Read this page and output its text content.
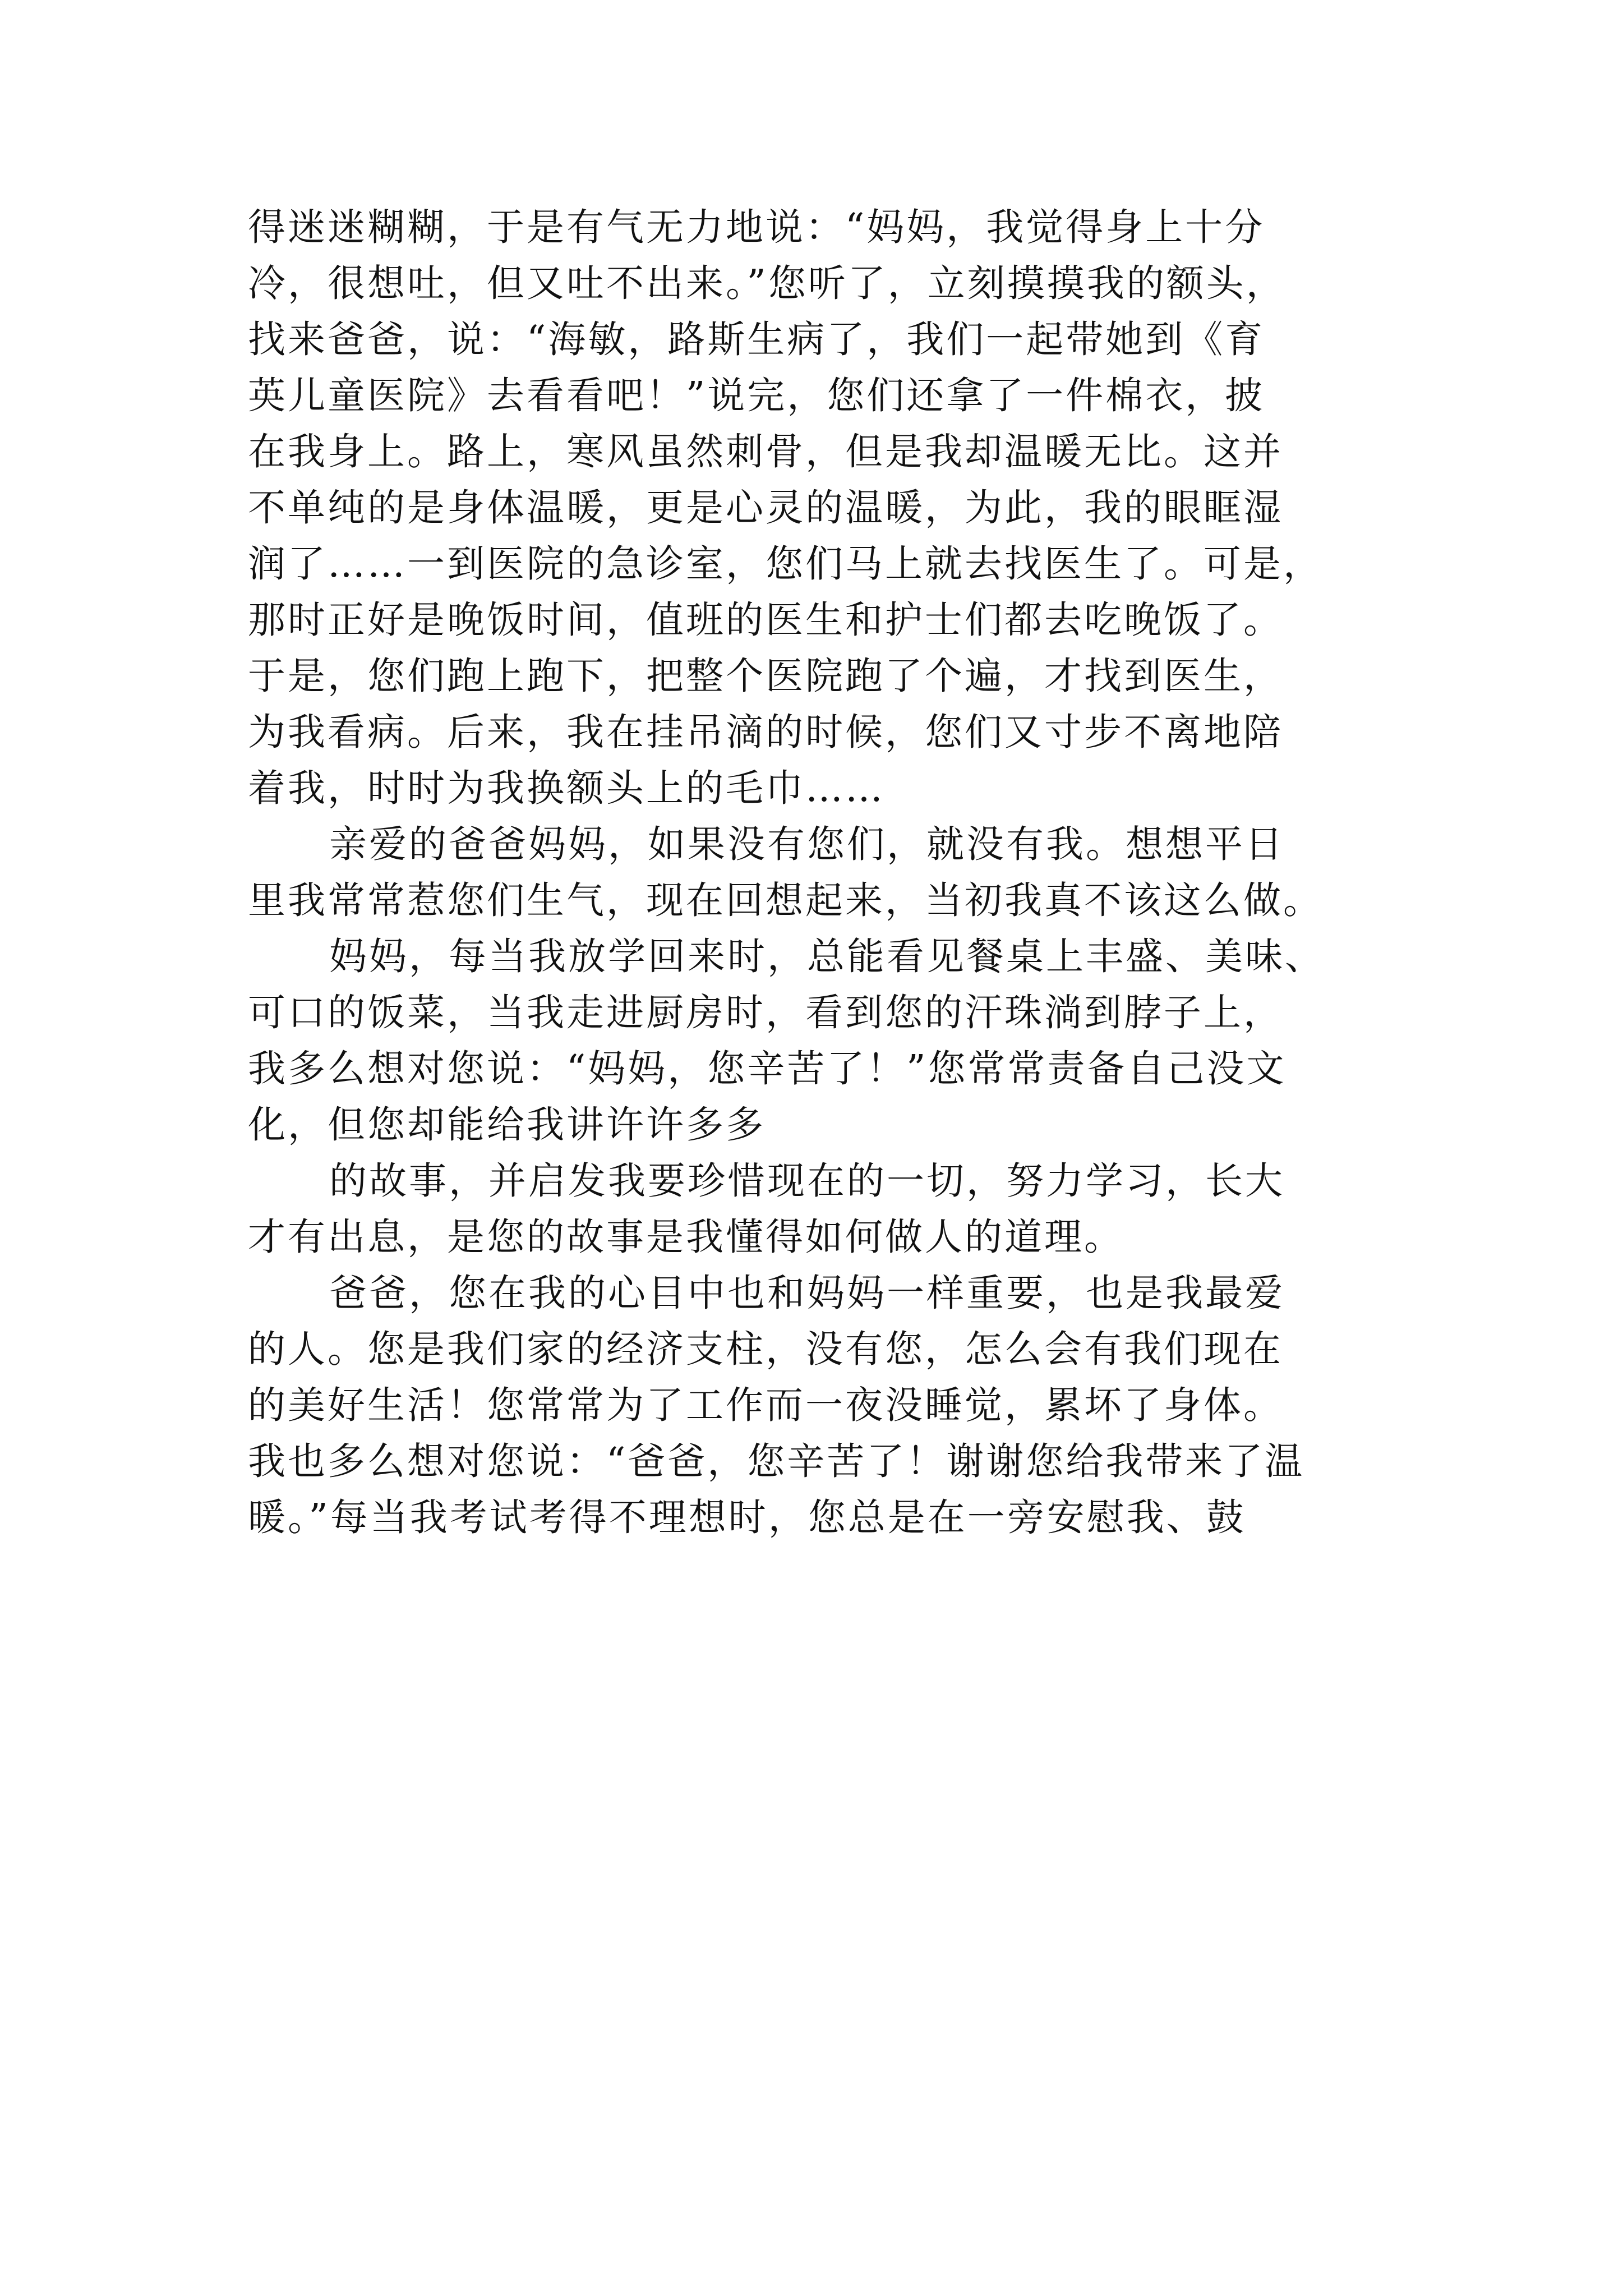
得迷迷糊糊，于是有气无力地说：“妈妈，我觉得身上十分
冷，很想吐，但又吐不出来。”您听了，立刻摸摸我的额头，
找来爸爸，说：“海敏，路斯生病了，我们一起带她到《育
英儿童医院》去看看吧！”说完，您们还拿了一件棉衣，披
在我身上。路上，寒风虽然刺骨，但是我却温暖无比。这并
不单纯的是身体温暖，更是心灵的温暖，为此，我的眼眶湿
润了……一到医院的急诊室，您们马上就去找医生了。可是，
那时正好是晚饭时间，值班的医生和护士们都去吃晚饭了。
于是，您们跑上跑下，把整个医院跑了个遍，才找到医生，
为我看病。后来，我在挂吊滴的时候，您们又寸步不离地陪
着我，时时为我换额头上的毛巾……
亲爱的爸爸妈妈，如果没有您们，就没有我。想想平日
里我常常惹您们生气，现在回想起来，当初我真不该这么做。
妈妈，每当我放学回来时，总能看见餐桌上丰盛、美味、
可口的饭菜，当我走进厨房时，看到您的汗珠淌到脖子上，
我多么想对您说：“妈妈，您辛苦了！”您常常责备自己没文
化，但您却能给我讲许许多多
的故事，并启发我要珍惜现在的一切，努力学习，长大
才有出息，是您的故事是我懂得如何做人的道理。
爸爸，您在我的心目中也和妈妈一样重要，也是我最爱
的人。您是我们家的经济支柱，没有您，怎么会有我们现在
的美好生活！您常常为了工作而一夜没睡觉，累坏了身体。
我也多么想对您说：“爸爸，您辛苦了！谢谢您给我带来了温
暖。”每当我考试考得不理想时，您总是在一旁安慰我、鼓
